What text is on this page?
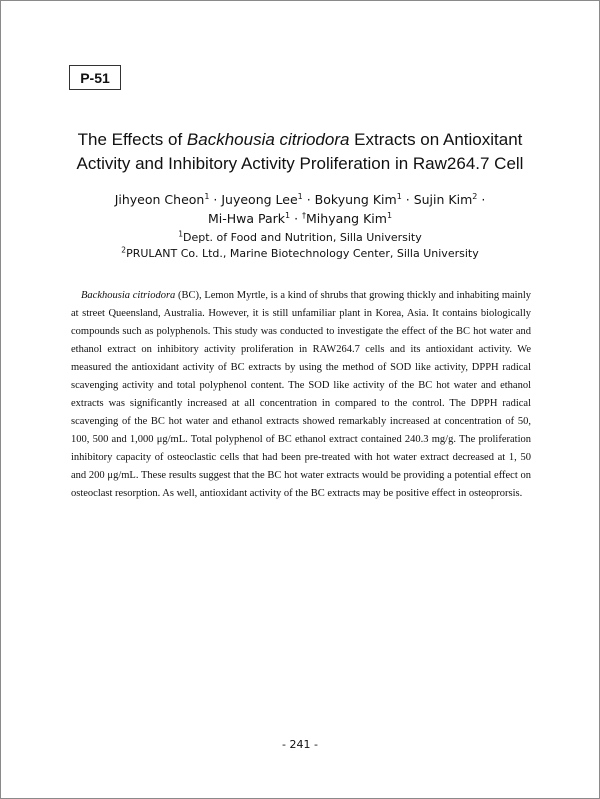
P-51
The Effects of Backhousia citriodora Extracts on Antioxitant
Activity and Inhibitory Activity Proliferation in Raw264.7 Cell
Jihyeon Cheon$^1$ · Juyeong Lee$^1$ · Bokyung Kim$^1$ · Sujin Kim$^2$ ·
Mi-Hwa Park$^1$ · †Mihyang Kim$^1$
$^1$Dept. of Food and Nutrition, Silla University
$^2$PRULANT Co. Ltd., Marine Biotechnology Center, Silla University
Backhousia citriodora (BC), Lemon Myrtle, is a kind of shrubs that growing thickly and inhabiting mainly at street Queensland, Australia. However, it is still unfamiliar plant in Korea, Asia. It contains biologically compounds such as polyphenols. This study was conducted to investigate the effect of the BC hot water and ethanol extract on inhibitory activity proliferation in RAW264.7 cells and its antioxidant activity. We measured the antioxidant activity of BC extracts by using the method of SOD like activity, DPPH radical scavenging activity and total polyphenol content. The SOD like activity of the BC hot water and ethanol extracts was significantly increased at all concentration in compared to the control. The DPPH radical scavenging of the BC hot water and ethanol extracts showed remarkably increased at concentration of 50, 100, 500 and 1,000 μg/mL. Total polyphenol of BC ethanol extract contained 240.3 mg/g. The proliferation inhibitory capacity of osteoclastic cells that had been pre-treated with hot water extract decreased at 1, 50 and 200 μg/mL. These results suggest that the BC hot water extracts would be providing a potential effect on osteoclast resorption. As well, antioxidant activity of the BC extracts may be positive effect in osteoprorsis.
- 241 -
